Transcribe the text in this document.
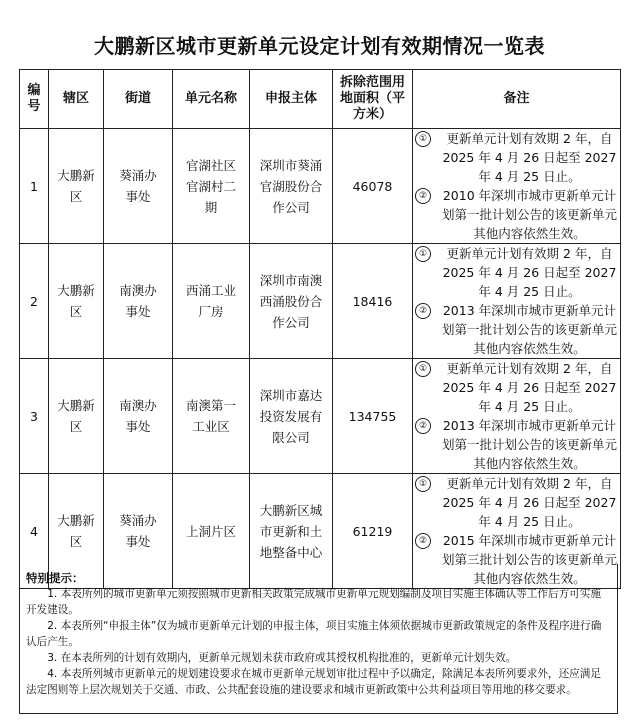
大鹏新区城市更新单元设定计划有效期情况一览表
编号	辖区	街道	单元名称	申报主体	拆除范围用地面积（平方米）	备注
1	大鹏新区	葵涌办事处	官湖社区官湖村二期	深圳市葵涌官湖股份合作公司	46078	① 更新单元计划有效期 2 年，自 2025 年 4 月 26 日起至 2027 年 4 月 25 日止。
② 2010 年深圳市城市更新单元计划第一批计划公告的该更新单元其他内容依然生效。

2	大鹏新区	南澳办事处	西涌工业厂房	深圳市南澳西涌股份合作公司	18416	① 更新单元计划有效期 2 年，自 2025 年 4 月 26 日起至 2027 年 4 月 25 日止。
② 2013 年深圳市城市更新单元计划第一批计划公告的该更新单元其他内容依然生效。

3	大鹏新区	南澳办事处	南澳第一工业区	深圳市嘉达投资发展有限公司	134755	① 更新单元计划有效期 2 年，自 2025 年 4 月 26 日起至 2027 年 4 月 25 日止。
② 2013 年深圳市城市更新单元计划第一批计划公告的该更新单元其他内容依然生效。

4	大鹏新区	葵涌办事处	上洞片区	大鹏新区城市更新和土地整备中心	61219	① 更新单元计划有效期 2 年，自 2025 年 4 月 26 日起至 2027 年 4 月 25 日止。
② 2015 年深圳市城市更新单元计划第三批计划公告的该更新单元其他内容依然生效。
特别提示：

1. 本表所列的城市更新单元须按照城市更新相关政策完成城市更新单元规划编制及项目实施主体确认等工作后方可实施开发建设。

2. 本表所列“申报主体”仅为城市更新单元计划的申报主体，项目实施主体须依据城市更新政策规定的条件及程序进行确认后产生。

3. 在本表所列的计划有效期内，更新单元规划未获市政府或其授权机构批准的，更新单元计划失效。

4. 本表所列城市更新单元的规划建设要求在城市更新单元规划审批过程中予以确定，除满足本表所列要求外，还应满足法定图则等上层次规划关于交通、市政、公共配套设施的建设要求和城市更新政策中公共利益项目等用地的移交要求。
